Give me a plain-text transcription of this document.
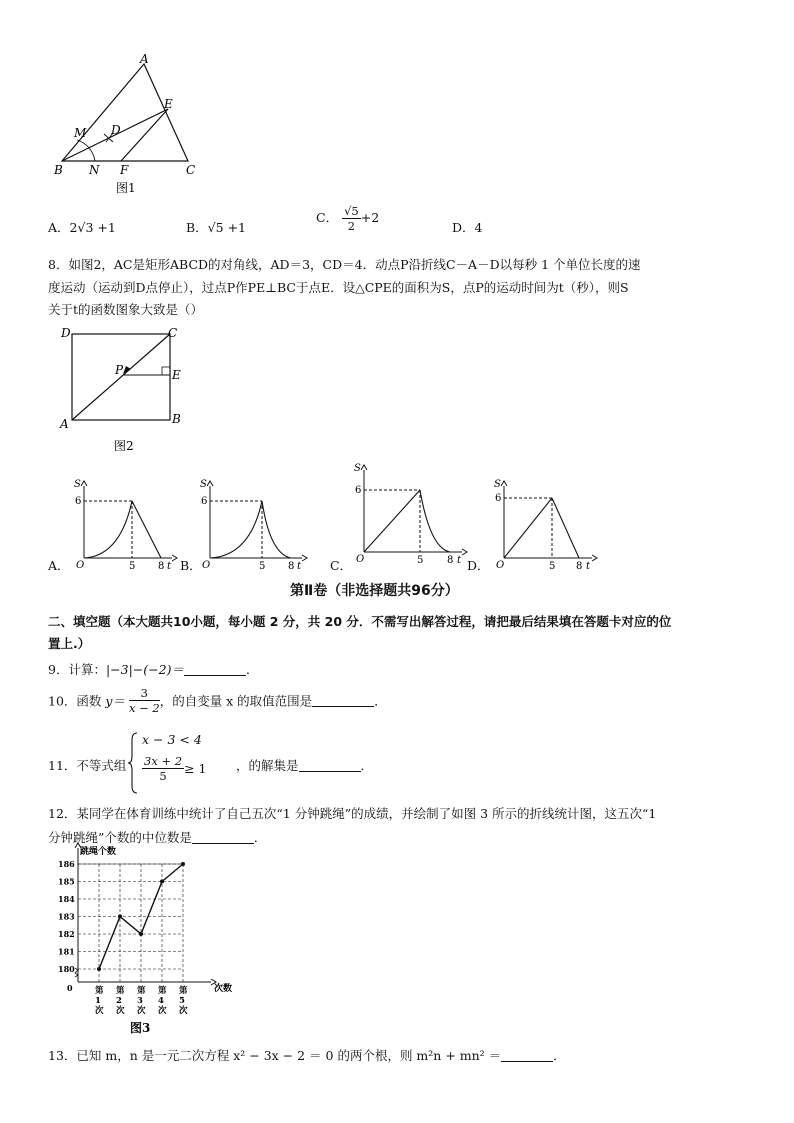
A
B	C
D
E
F
M
N
图1
A．2√3 +1	B．√5 +1
C． $\frac{√5}{2} +2$
D．4
8．如图2，AC是矩形ABCD的对角线，AD＝3，CD＝4．动点P沿折线C－A－D以每秒 1 个单位长度的速
度运动（运动到D点停止），过点P作PE⊥BC于点E．设△CPE的面积为S，点P的运动时间为t（秒），则S
关于t的函数图象大致是（）
D	C
A	B
P	E
图2
A．
S
6
O	5 8 t B．
S
6
O	5 8 t C．
S
6
O	5 8 t D．
S
6
O	5 8 t
第Ⅱ卷（非选择题共96分）
二、填空题（本大题共10小题，每小题 2 分，共 20 分．不需写出解答过程，请把最后结果填在答题卡对应的位
置上.）
9．计算：|−3|−(−2)＝	．
10．函数 $y= \frac{3}{x - 2}$ ，的自变量 x 的取值范围是	．
11．不等式组
x − 3 < 4
$\frac{3x + 2}{5} \ge 1$ ，的解集是	．
12．某同学在体育训练中统计了自己五次“1 分钟跳绳”的成绩，并绘制了如图 3 所示的折线统计图，这五次“1
分钟跳绳”个数的中位数是	．
跳绳个数
次数
0
图3
180
181
182
183
184
185
186
第
1
次
第
2
次
第
3
次
第
4
次
第
5
次
13．已知 m，n 是一元二次方程 x² − 3x − 2 ＝ 0 的两个根，则 m²n + mn² ＝	．
